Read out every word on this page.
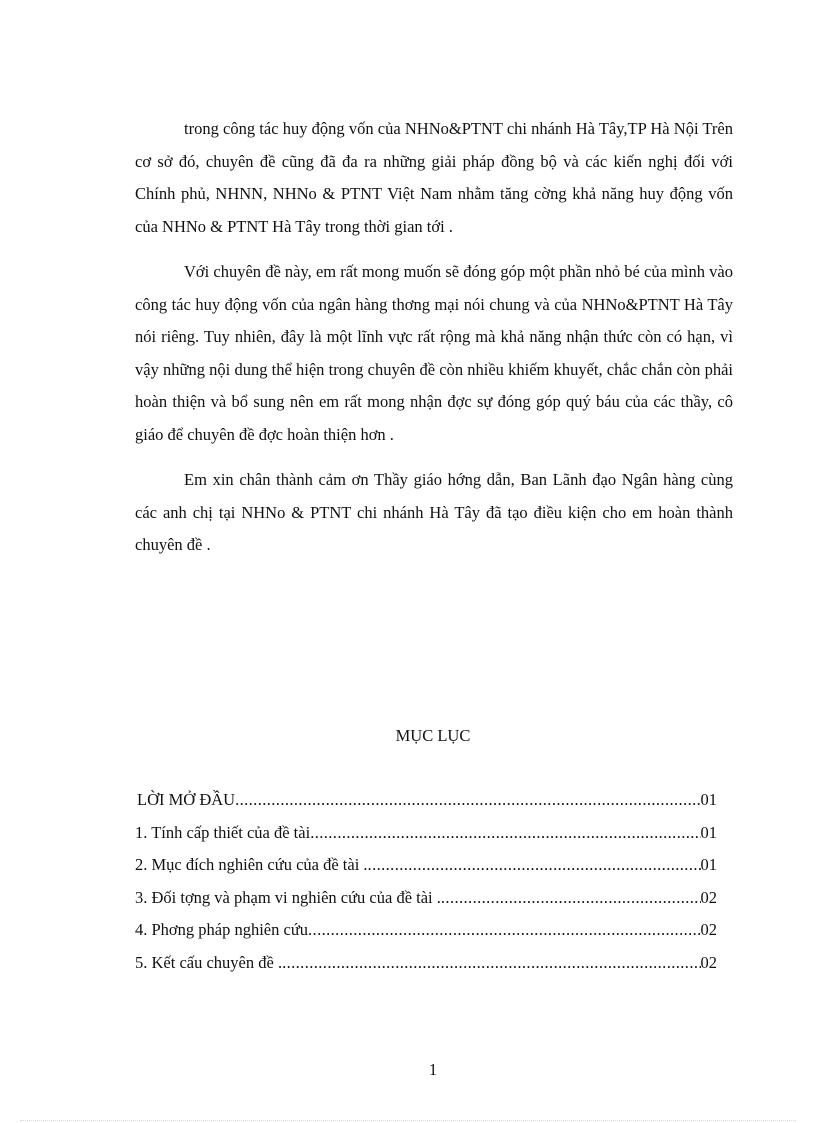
trong công tác huy động vốn của NHNo&PTNT chi nhánh Hà Tây,TP Hà Nội Trên cơ sở đó, chuyên đề cũng đã đa ra những giải pháp đồng bộ và các kiến nghị đối với Chính phủ, NHNN, NHNo & PTNT Việt Nam nhằm tăng cờng khả năng huy động vốn của NHNo & PTNT Hà Tây trong thời gian tới .

Với chuyên đề này, em rất mong muốn sẽ đóng góp một phần nhỏ bé của mình vào công tác huy động vốn của ngân hàng thơng mại nói chung và của NHNo&PTNT Hà Tây nói riêng. Tuy nhiên, đây là một lĩnh vực rất rộng mà khả năng nhận thức còn có hạn, vì vậy những nội dung thể hiện trong chuyên đề còn nhiều khiếm khuyết, chắc chắn còn phải hoàn thiện và bổ sung nên em rất mong nhận đợc sự đóng góp quý báu của các thầy, cô giáo để chuyên đề đợc hoàn thiện hơn .

Em xin chân thành cảm ơn Thầy giáo hớng dẫn, Ban Lãnh đạo Ngân hàng cùng các anh chị tại NHNo & PTNT chi nhánh Hà Tây đã tạo điều kiện cho em hoàn thành chuyên đề .

MỤC LỤC
LỜI MỞ ĐẦU .....	01
1. Tính cấp thiết của đề tài .....	01
2. Mục đích nghiên cứu của đề tài . .....	01
3. Đối tợng và phạm vi nghiên cứu của đề tài . .....	02
4. Phơng pháp nghiên cứu .....	02
5. Kết cấu chuyên đề . .....	02
1
